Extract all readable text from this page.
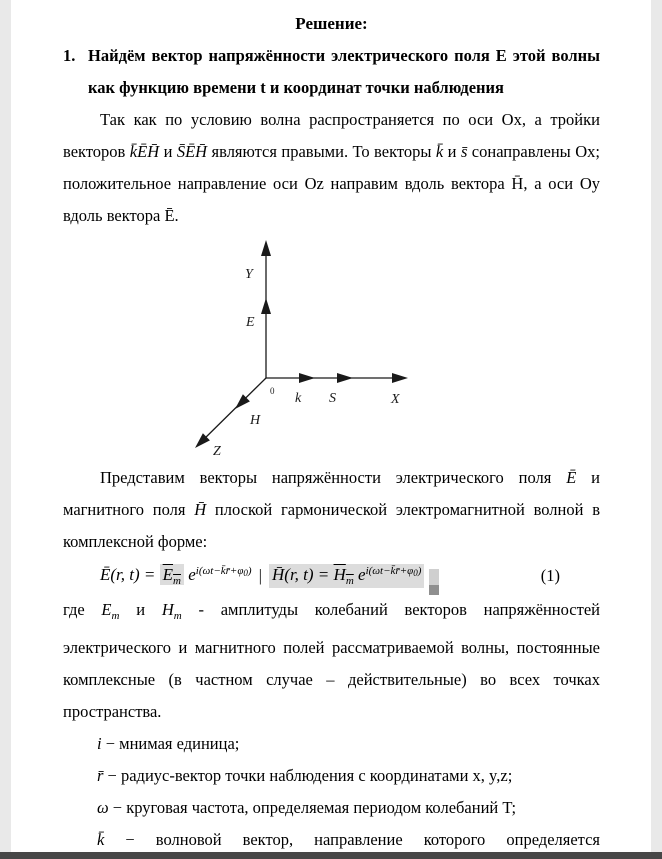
Решение:
1. Найдём вектор напряжённости электрического поля Е этой волны как функцию времени t и координат точки наблюдения

Так как по условию волна распространяется по оси Ох, а тройки векторов k̄ĒH̄ и S̄ĒH̄ являются правыми. То векторы k̄ и s̄ сонаправлены Ох; положительное направление оси Oz направим вдоль вектора H̄, а оси Оу вдоль вектора Ē.

Y
E
X
k S
Z
H
0

Представим векторы напряжённости электрического поля Ē и магнитного поля H̄ плоской гармонической электромагнитной волной в комплексной форме:

Ē(r, $t) = E_m$ $e^{i(\omega t-k̄r̄+\varphi 0)}$ | H̄(r, $t) = H_m$ $e^{i(\omega t-k̄r̄+\varphi 0)}$	(1)

где $E_m$ и $H_m$ - амплитуды колебаний векторов напряжённостей электрического и магнитного полей рассматриваемой волны, постоянные комплексные (в частном случае – действительные) во всех точках пространства.

i − мнимая единица;

r̄ − радиус-вектор точки наблюдения с координатами x, y,z;

ω − круговая частота, определяемая периодом колебаний T;

k̄ − волновой вектор, направление которого определяется
